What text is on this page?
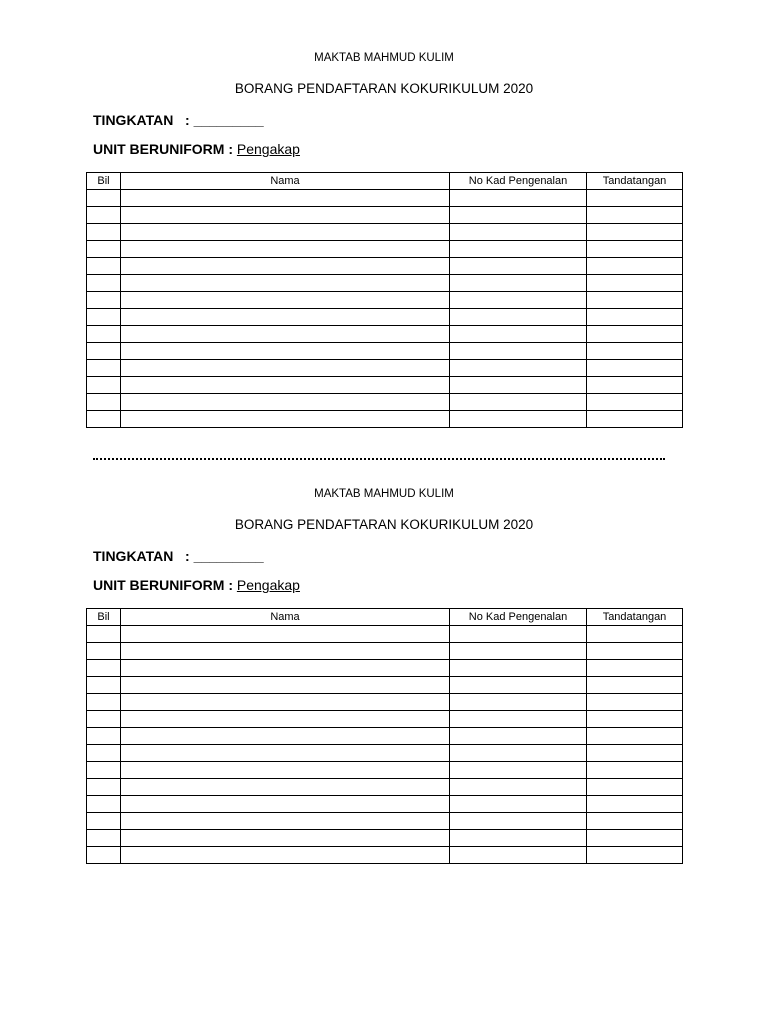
MAKTAB MAHMUD KULIM
BORANG PENDAFTARAN KOKURIKULUM 2020
TINGKATAN   : _________
UNIT BERUNIFORM : Pengakap
Bil	Nama	No Kad Pengenalan	Tandatangan

MAKTAB MAHMUD KULIM
BORANG PENDAFTARAN KOKURIKULUM 2020
TINGKATAN   : _________
UNIT BERUNIFORM : Pengakap
Bil	Nama	No Kad Pengenalan	Tandatangan
